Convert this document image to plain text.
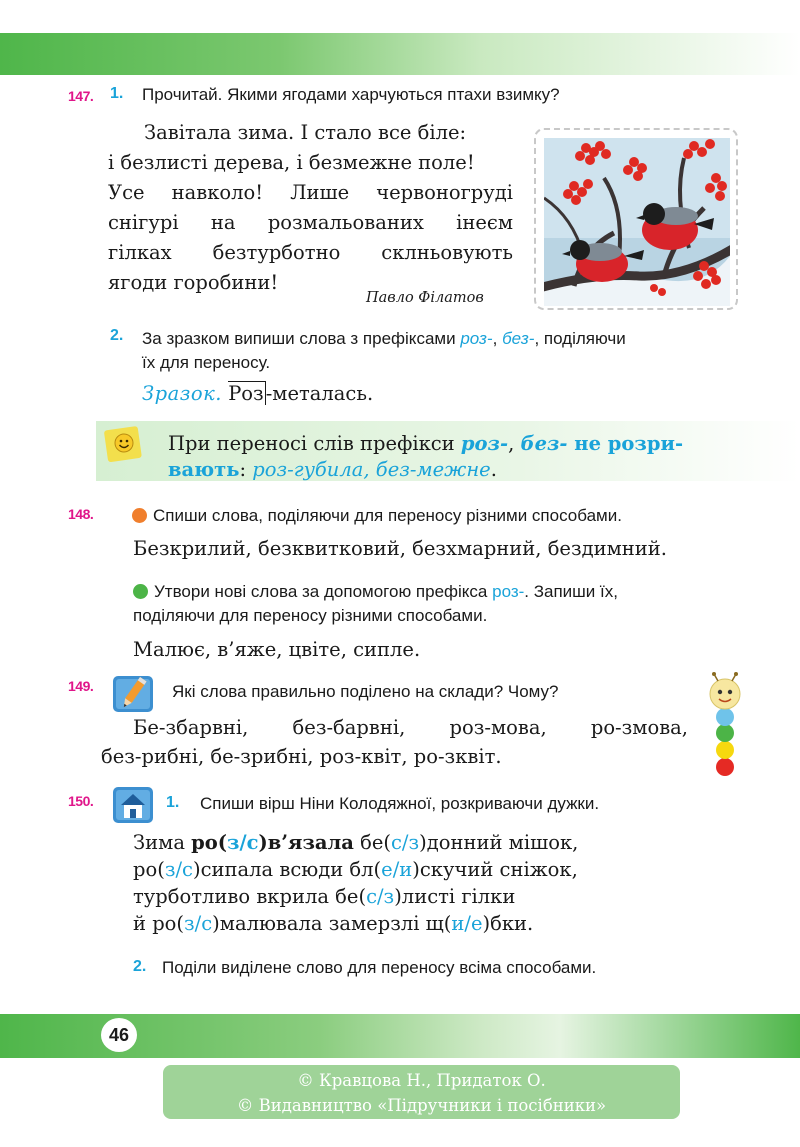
147. 1. Прочитай. Якими ягодами харчуються птахи взимку?
Завітала зима. І стало все біле:
і безлисті дерева, і безмежне поле!
Усе навколо! Лише червоногруді
снігурі на розмальованих інеєм
гілках безтурботно склньовують
ягоди горобини!
Павло Філатов
2. За зразком випиши слова з префіксами роз-, без-, поділяючи
їх для переносу.
Зразок. Роз -металась.
При переносі слів префікси роз-, без- не розри-
вають: роз-губила, без-межне.
148.	Спиши слова, поділяючи для переносу різними способами.
Безкрилий, безквитковий, безхмарний, бездимний.
Утвори нові слова за допомогою префікса роз-. Запиши їх,
поділяючи для переносу різними способами.
Малює, в’яже, цвіте, сипле.
149.	Які слова правильно поділено на склади? Чому?
Бе-збарвні, без-барвні, роз-мова, ро-змова,
без-рибні, бе-зрибні, роз-квіт, ро-зквіт.
150.	1. Спиши вірш Ніни Колодяжної, розкриваючи дужки.
Зима ро(з/с)в’язала бе(с/з)донний мішок,
ро(з/с)сипала всюди бл(е/и)скучий сніжок,
турботливо вкрила бе(с/з)листі гілки
й ро(з/с)малювала замерзлі щ(и/е)бки.
2. Поділи виділене слово для переносу всіма способами.
46
© Кравцова Н., Придаток О.
© Видавництво «Підручники і посібники»
